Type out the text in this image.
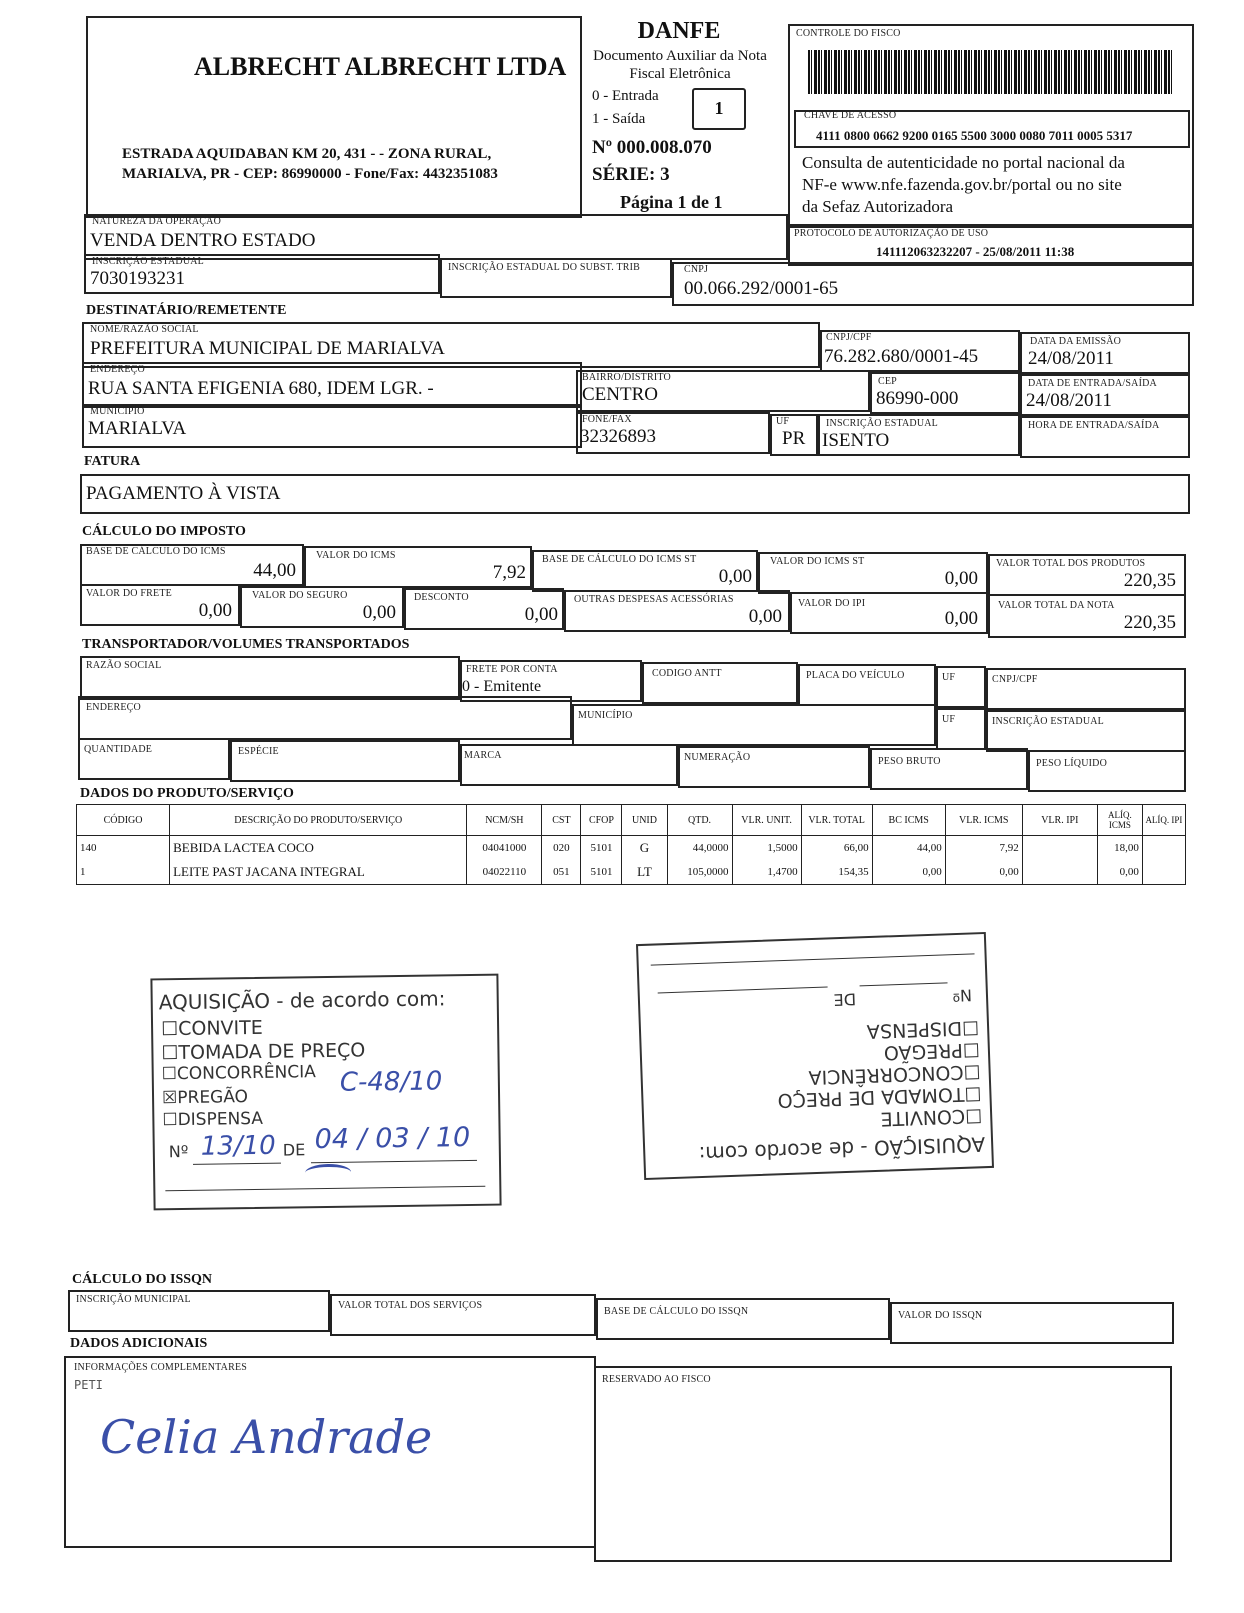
ALBRECHT ALBRECHT LTDA
ESTRADA AQUIDABAN KM 20, 431 - - ZONA RURAL,
MARIALVA, PR - CEP: 86990000 - Fone/Fax: 4432351083
DANFE
Documento Auxiliar da Nota
Fiscal Eletrônica
0 - Entrada
1 - Saída
1
Nº 000.008.070
SÉRIE: 3
Página 1 de 1
CONTROLE DO FISCO
CHAVE DE ACESSO
4111 0800 0662 9200 0165 5500 3000 0080 7011 0005 5317
Consulta de autenticidade no portal nacional da
NF-e www.nfe.fazenda.gov.br/portal ou no site
da Sefaz Autorizadora
NATUREZA DA OPERAÇÃO
VENDA DENTRO ESTADO	PROTOCOLO DE AUTORIZAÇÃO DE USO
141112063232207 - 25/08/2011 11:38
INSCRIÇÃO ESTADUAL
7030193231
INSCRIÇÃO ESTADUAL DO SUBST. TRIB	CNPJ
00.066.292/0001-65
DESTINATÁRIO/REMETENTE
NOME/RAZÃO SOCIAL
PREFEITURA MUNICIPAL DE MARIALVA
CNPJ/CPF
76.282.680/0001-45
DATA DA EMISSÃO
24/08/2011
ENDEREÇO
RUA SANTA EFIGENIA 680, IDEM LGR. -
BAIRRO/DISTRITO
CENTRO
CEP
86990-000
DATA DE ENTRADA/SAÍDA
24/08/2011
MUNICÍPIO
MARIALVA	FONE/FAX
32326893
UF
PR
INSCRIÇÃO ESTADUAL
ISENTO
HORA DE ENTRADA/SAÍDA
FATURA
PAGAMENTO À VISTA
CÁLCULO DO IMPOSTO
BASE DE CÁLCULO DO ICMS
44,00
VALOR DO ICMS
7,92
BASE DE CÁLCULO DO ICMS ST
0,00
VALOR DO ICMS ST
0,00
VALOR TOTAL DOS PRODUTOS
220,35
VALOR DO FRETE
0,00
VALOR DO SEGURO
0,00
DESCONTO
0,00
OUTRAS DESPESAS ACESSÓRIAS
0,00
VALOR DO IPI
0,00
VALOR TOTAL DA NOTA
220,35
TRANSPORTADOR/VOLUMES TRANSPORTADOS
RAZÃO SOCIAL	FRETE POR CONTA
0 - Emitente
CODIGO ANTT	PLACA DO VEÍCULO	UF	CNPJ/CPF
ENDEREÇO
MUNICÍPIO	UF	INSCRIÇÃO ESTADUAL
QUANTIDADE	ESPÉCIE	MARCA	NUMERAÇÃO	PESO BRUTO	PESO LÍQUIDO
DADOS DO PRODUTO/SERVIÇO
CÓDIGO	DESCRIÇÃO DO PRODUTO/SERVIÇO	NCM/SH	CST	CFOP	UNID	QTD.	VLR. UNIT.	VLR. TOTAL	BC ICMS	VLR. ICMS	VLR. IPI	ALÍQ. ICMS	ALÍQ. IPI
140	BEBIDA LACTEA COCO	04041000	020	5101	G	44,0000	1,5000	66,00	44,00	7,92		18,00	
1	LEITE PAST JACANA INTEGRAL	04022110	051	5101	LT	105,0000	1,4700	154,35	0,00	0,00		0,00	
AQUISIÇÃO - de acordo com:
☐CONVITE
☐TOMADA DE PREÇO
☐CONCORRÊNCIA
☒PREGÃO
☐DISPENSA
Nº	DE
C-48/10
13/10 04 / 03 / 10	AQUISIÇÃO - de acordo com:
☐CONVITE
☐TOMADA DE PREÇO
☐CONCORRÊNCIA
☐PREGÃO
☐DISPENSA
Nº
DE
CÁLCULO DO ISSQN
INSCRIÇÃO MUNICIPAL
VALOR TOTAL DOS SERVIÇOS
BASE DE CÁLCULO DO ISSQN	VALOR DO ISSQN
DADOS ADICIONAIS
INFORMAÇÕES COMPLEMENTARES
PETI
Celia Andrade
RESERVADO AO FISCO
